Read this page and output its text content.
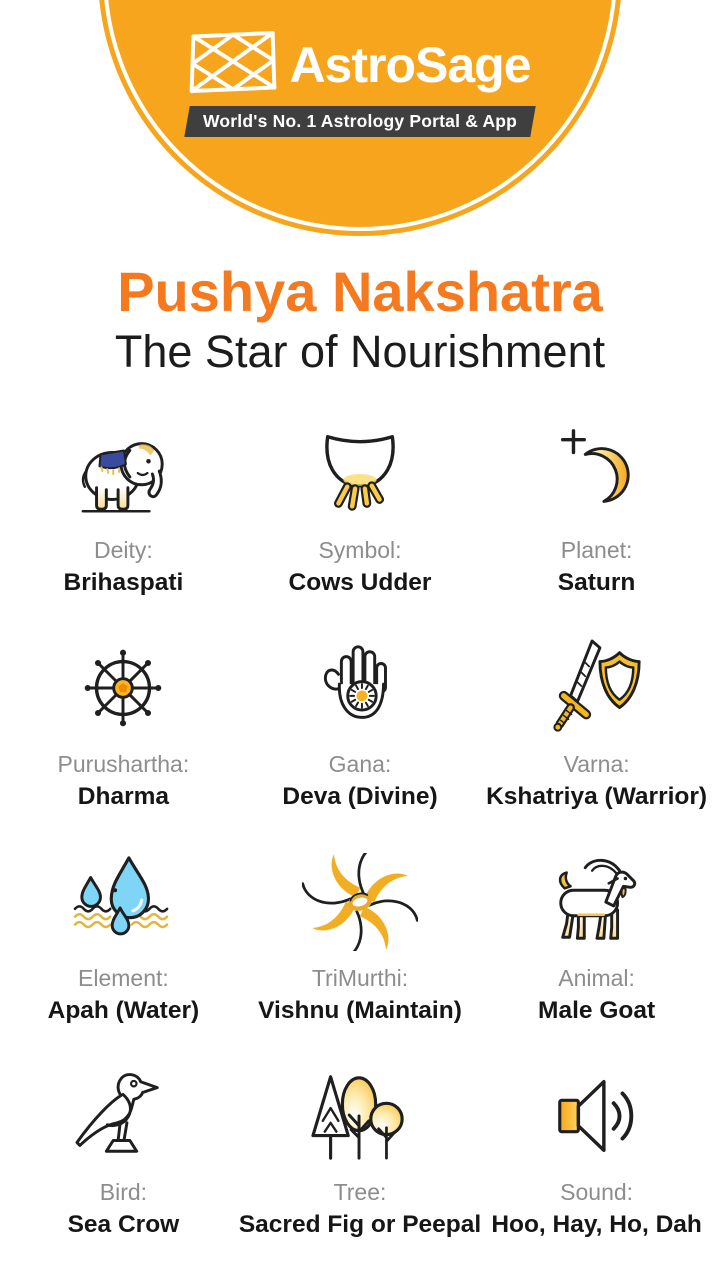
AstroSage
World's No. 1 Astrology Portal & App
Pushya Nakshatra
The Star of Nourishment
Deity:
Brihaspati
Symbol:
Cows Udder
Planet:
Saturn
Purushartha:
Dharma
Gana:
Deva (Divine)
Varna:
Kshatriya (Warrior)
Element:
Apah (Water)
TriMurthi:
Vishnu (Maintain)
Animal:
Male Goat
Bird:
Sea Crow
Tree:
Sacred Fig or Peepal
Sound:
Hoo, Hay, Ho, Dah
